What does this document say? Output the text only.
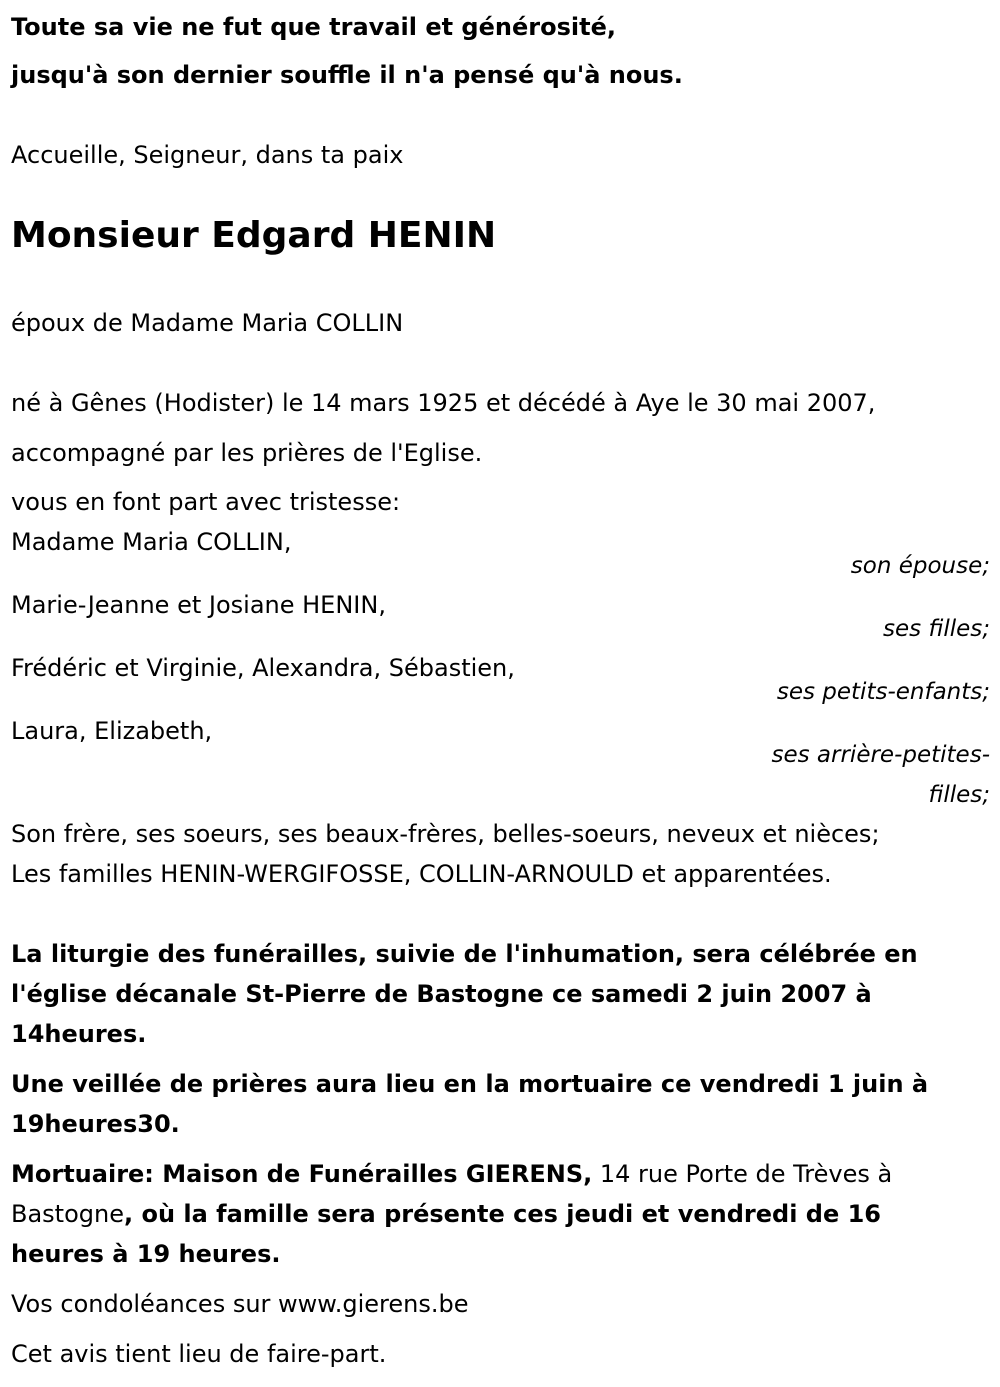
Toute sa vie ne fut que travail et générosité,
jusqu'à son dernier souffle il n'a pensé qu'à nous.
Accueille, Seigneur, dans ta paix
Monsieur Edgard HENIN
époux de Madame Maria COLLIN
né à Gênes (Hodister) le 14 mars 1925 et décédé à Aye le 30 mai 2007,
accompagné par les prières de l'Eglise.
vous en font part avec tristesse:
Madame Maria COLLIN,
son épouse;
Marie-Jeanne et Josiane HENIN,
ses filles;
Frédéric et Virginie, Alexandra, Sébastien,
ses petits-enfants;
Laura, Elizabeth,
ses arrière-petites-
filles;
Son frère, ses soeurs, ses beaux-frères, belles-soeurs, neveux et nièces;
Les familles HENIN-WERGIFOSSE, COLLIN-ARNOULD et apparentées.
La liturgie des funérailles, suivie de l'inhumation, sera célébrée en
l'église décanale St-Pierre de Bastogne ce samedi 2 juin 2007 à
14heures.
Une veillée de prières aura lieu en la mortuaire ce vendredi 1 juin à
19heures30.
Mortuaire: Maison de Funérailles GIERENS, 14 rue Porte de Trèves à
Bastogne, où la famille sera présente ces jeudi et vendredi de 16
heures à 19 heures.
Vos condoléances sur www.gierens.be
Cet avis tient lieu de faire-part.
